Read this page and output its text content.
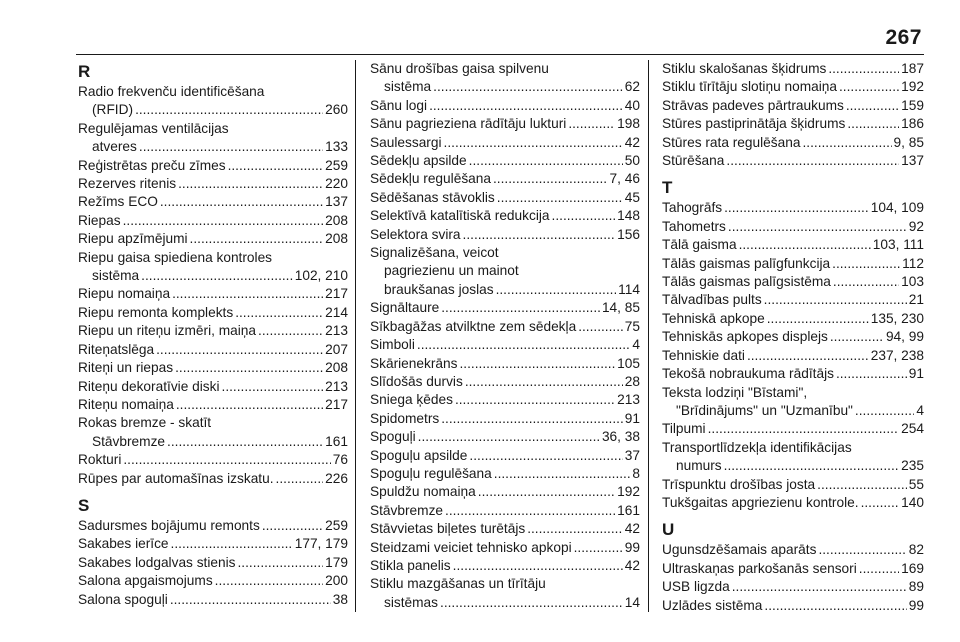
267
R
Radio frekvenču identificēšana
(RFID) .....	260
Regulējamas ventilācijas
atveres .....	133
Reģistrētas preču zīmes .....	259
Rezerves ritenis .....	220
Režīms ECO .....	137
Riepas .....	208
Riepu apzīmējumi .....	208
Riepu gaisa spiediena kontroles
sistēma .....	102, 210
Riepu nomaiņa .....	217
Riepu remonta komplekts .....	214
Riepu un riteņu izmēri, maiņa .....	213
Riteņatslēga .....	207
Riteņi un riepas .....	208
Riteņu dekoratīvie diski .....	213
Riteņu nomaiņa .....	217
Rokas bremze - skatīt
Stāvbremze .....	161
Rokturi .....	76
Rūpes par automašīnas izskatu. .....	226
S
Sadursmes bojājumu remonts .....	259
Sakabes ierīce .....	177, 179
Sakabes lodgalvas stienis .....	179
Salona apgaismojums .....	200
Salona spoguļi .....	38
Sānu drošības gaisa spilvenu
sistēma .....	62
Sānu logi .....	40
Sānu pagrieziena rādītāju lukturi .....	198
Saulessargi .....	42
Sēdekļu apsilde .....	50
Sēdekļu regulēšana .....	7, 46
Sēdēšanas stāvoklis .....	45
Selektīvā katalītiskā redukcija .....	148
Selektora svira .....	156
Signalizēšana, veicot
pagriezienu un mainot
braukšanas joslas .....	114
Signāltaure .....	14, 85
Sīkbagāžas atvilktne zem sēdekļa .....	75
Simboli .....	4
Skārienekrāns .....	105
Slīdošās durvis .....	28
Sniega ķēdes .....	213
Spidometrs .....	91
Spoguļi .....	36, 38
Spoguļu apsilde .....	37
Spoguļu regulēšana .....	8
Spuldžu nomaiņa .....	192
Stāvbremze .....	161
Stāvvietas biļetes turētājs .....	42
Steidzami veiciet tehnisko apkopi .....	99
Stikla panelis .....	42
Stiklu mazgāšanas un tīrītāju
sistēmas .....	14
Stiklu skalošanas šķidrums .....	187
Stiklu tīrītāju slotiņu nomaiņa .....	192
Strāvas padeves pārtraukums .....	159
Stūres pastiprinātāja šķidrums .....	186
Stūres rata regulēšana .....	9, 85
Stūrēšana .....	137
T
Tahogrāfs .....	104, 109
Tahometrs .....	92
Tālā gaisma .....	103, 111
Tālās gaismas palīgfunkcija .....	112
Tālās gaismas palīgsistēma .....	103
Tālvadības pults .....	21
Tehniskā apkope .....	135, 230
Tehniskās apkopes displejs .....	94, 99
Tehniskie dati .....	237, 238
Tekošā nobraukuma rādītājs .....	91
Teksta lodziņi "Bīstami",
"Brīdinājums" un "Uzmanību" .....	4
Tilpumi .....	254
Transportlīdzekļa identifikācijas
numurs .....	235
Trīspunktu drošības josta .....	55
Tukšgaitas apgriezienu kontrole. .....	140
U
Ugunsdzēšamais aparāts .....	82
Ultraskaņas parkošanās sensori .....	169
USB ligzda .....	89
Uzlādes sistēma .....	99
